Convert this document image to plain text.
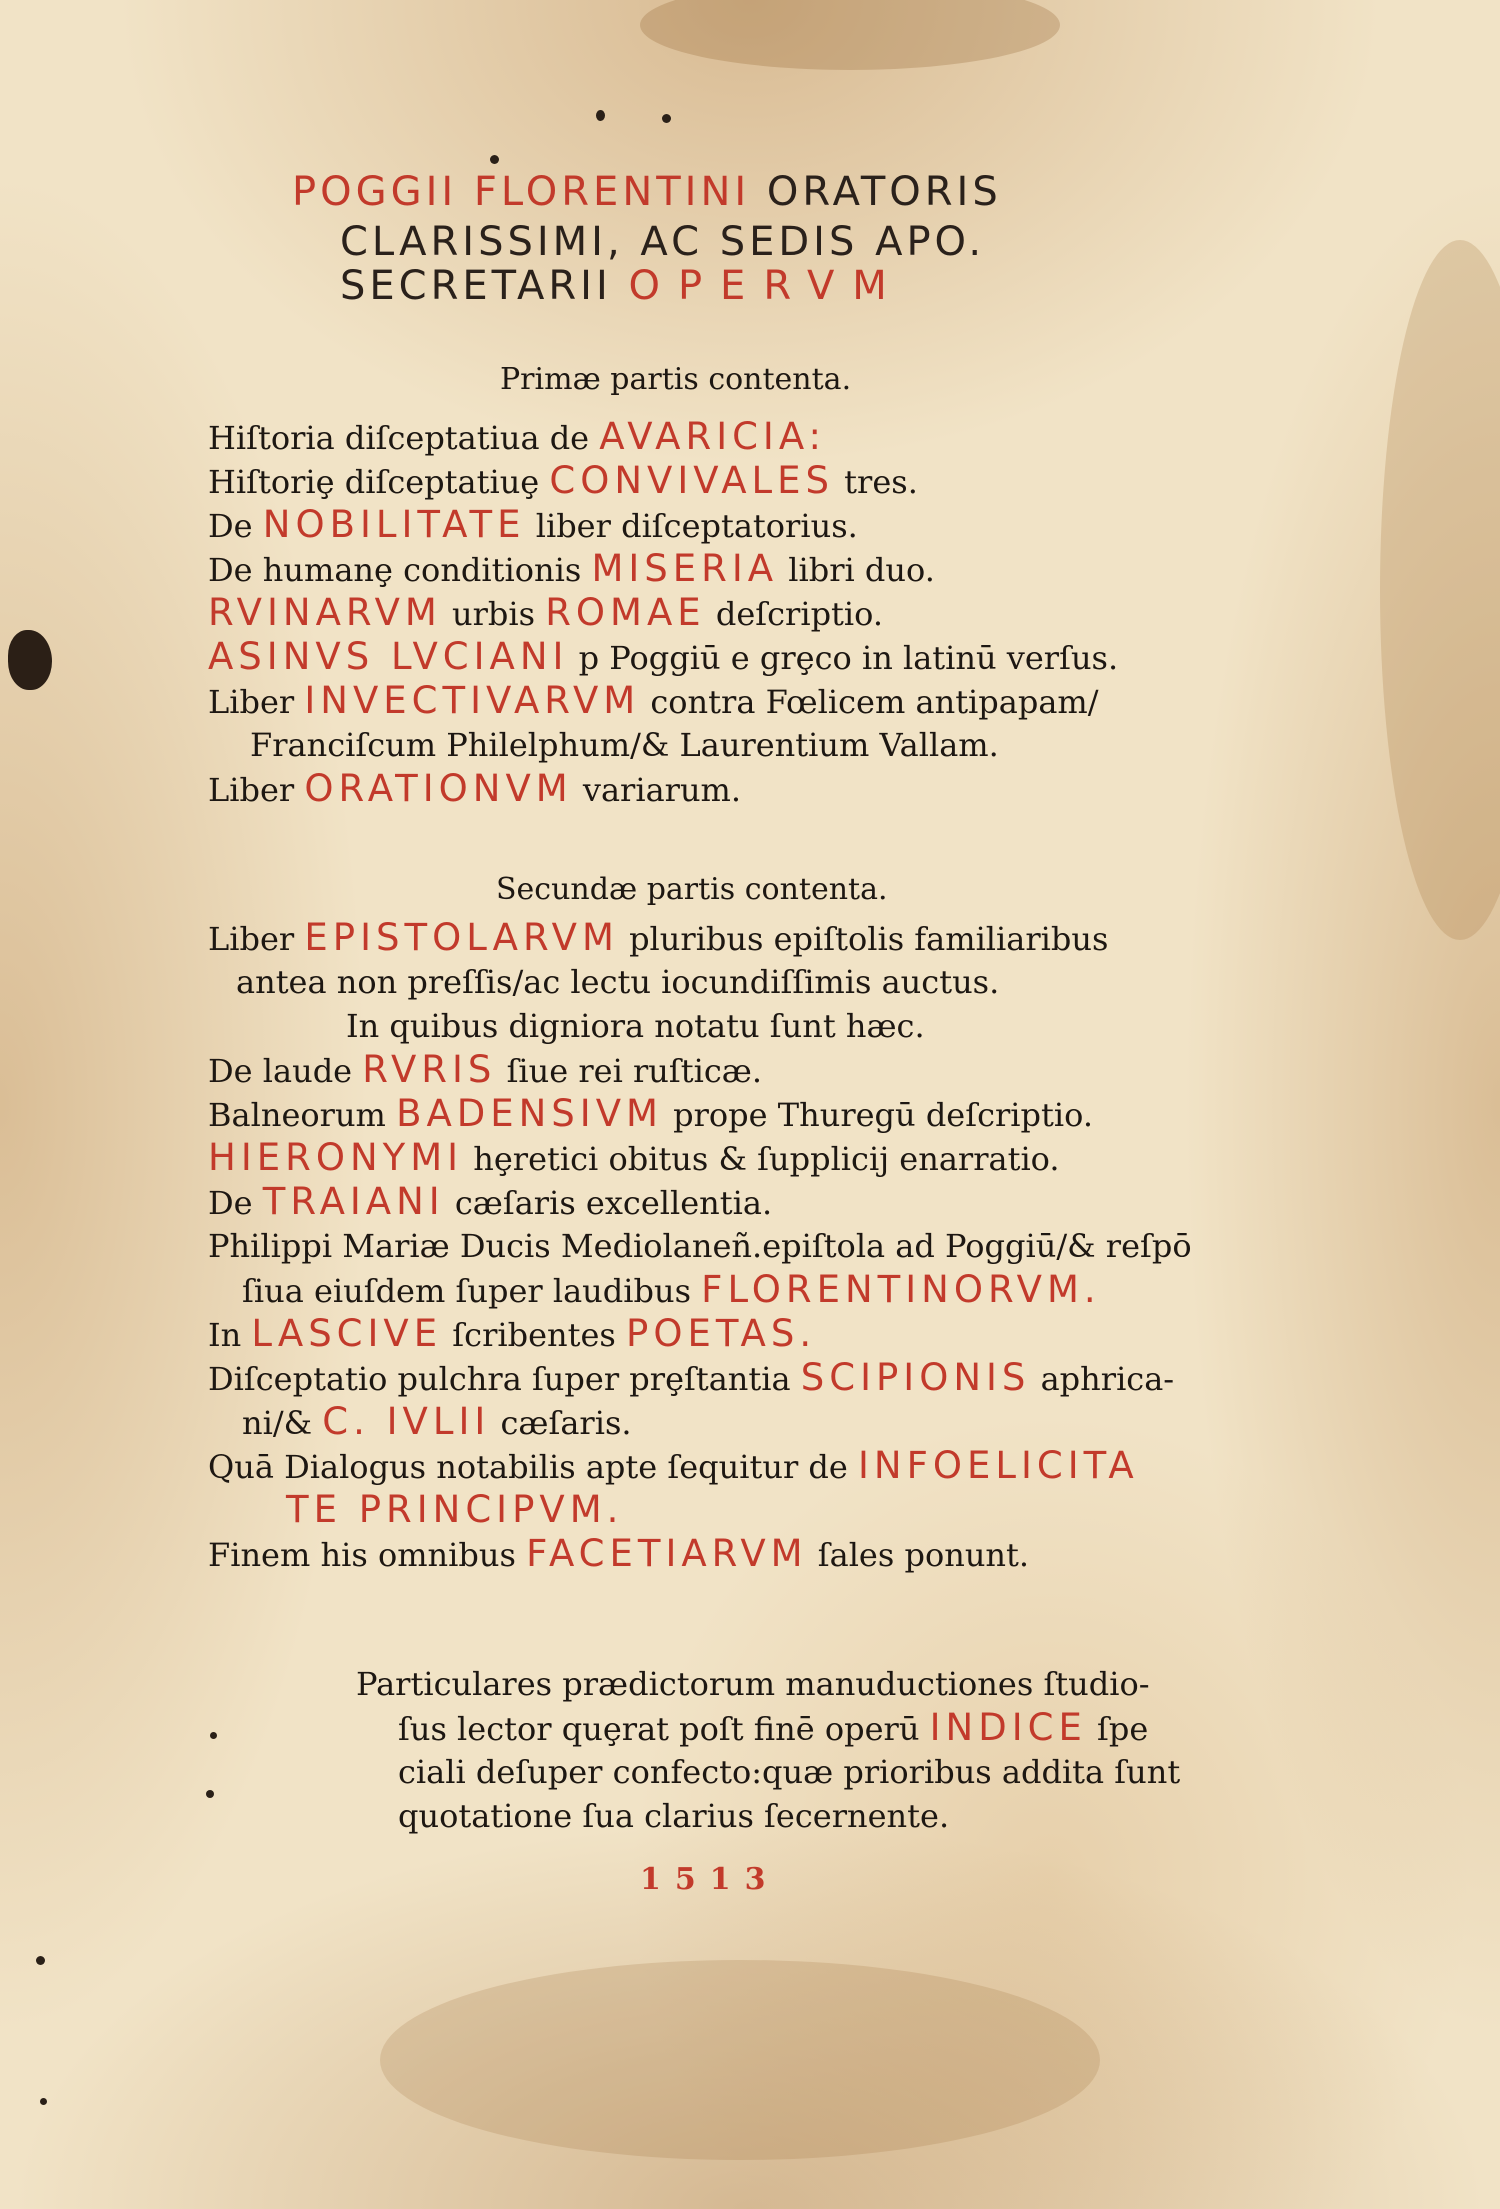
POGGII FLORENTINI ORATORIS
CLARISSIMI, AC SEDIS APO.
SECRETARII OPERVM
Primæ partis contenta.
Hiſtoria diſceptatiua de AVARICIA:
Hiſtoriȩ diſceptatiuȩ CONVIVALES tres.
De NOBILITATE liber diſceptatorius.
De humanȩ conditionis MISERIA libri duo.
RVINARVM urbis ROMAE deſcriptio.
ASINVS LVCIANI p Poggiū e grȩco in latinū verſus.
Liber INVECTIVARVM contra Fœlicem antipapam/
Franciſcum Philelphum/& Laurentium Vallam.
Liber ORATIONVM variarum.
Secundæ partis contenta.
Liber EPISTOLARVM pluribus epiſtolis familiaribus
antea non preſſis/ac lectu iocundiſſimis auctus.
In quibus digniora notatu ſunt hæc.
De laude RVRIS ſiue rei ruſticæ.
Balneorum BADENSIVM prope Thuregū deſcriptio.
HIERONYMI hȩretici obitus & ſupplicij enarratio.
De TRAIANI cæſaris excellentia.
Philippi Mariæ Ducis Mediolaneñ.epiſtola ad Poggiū/& reſpō
ſiua eiuſdem ſuper laudibus FLORENTINORVM.
In LASCIVE ſcribentes POETAS.
Diſceptatio pulchra ſuper prȩſtantia SCIPIONIS aphrica-
ni/& C. IVLII cæſaris.
Quā Dialogus notabilis apte ſequitur de INFOELICITA
TE PRINCIPVM.
Finem his omnibus FACETIARVM ſales ponunt.
Particulares prædictorum manuductiones ſtudio-
ſus lector quȩrat poſt finē operū INDICE ſpe
ciali deſuper confecto:quæ prioribus addita ſunt
quotatione ſua clarius ſecernente.
1513
